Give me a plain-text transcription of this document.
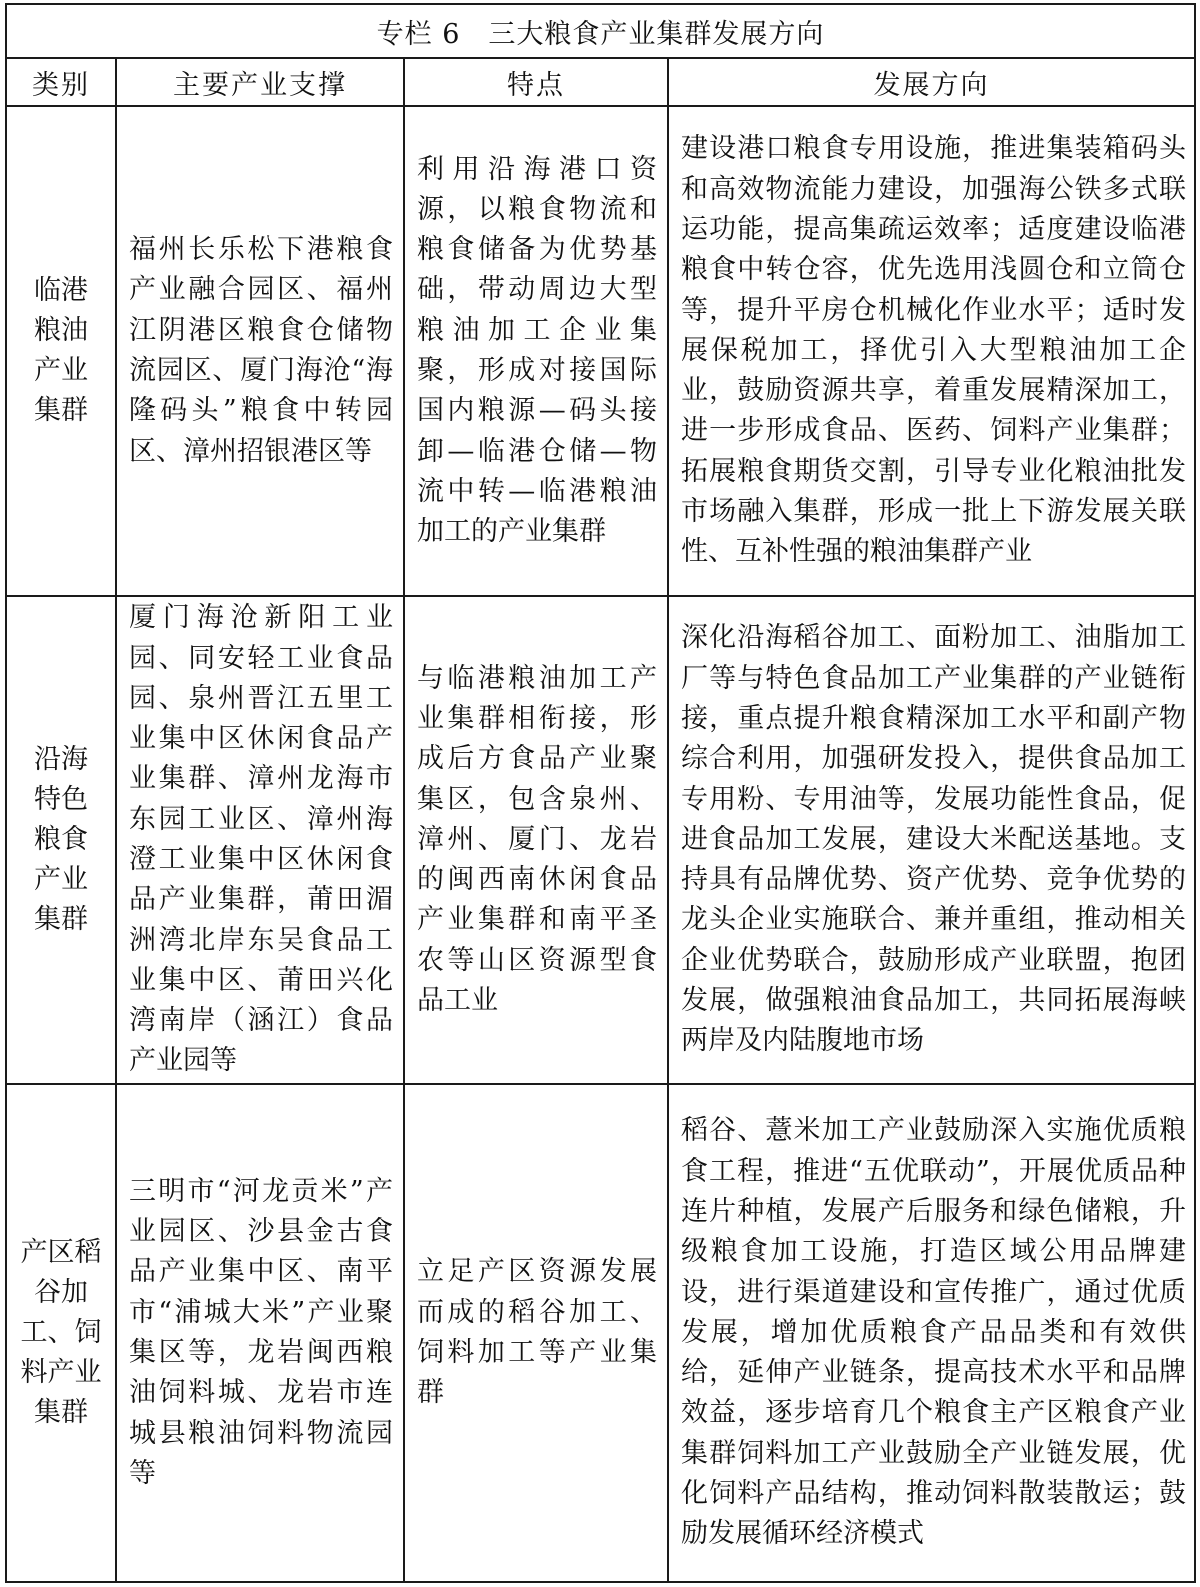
专栏 6　三大粮食产业集群发展方向			
类别	主要产业支撑	特点	发展方向

临港粮油产业集群	福州长乐松下港粮食产业融合园区、福州江阴港区粮食仓储物流园区、厦门海沧“海隆码头”粮食中转园区、漳州招银港区等	利用沿海港口资源，以粮食物流和粮食储备为优势基础，带动周边大型粮油加工企业集聚，形成对接国际国内粮源—码头接卸—临港仓储—物流中转—临港粮油加工的产业集群	建设港口粮食专用设施，推进集装箱码头和高效物流能力建设，加强海公铁多式联运功能，提高集疏运效率；适度建设临港粮食中转仓容，优先选用浅圆仓和立筒仓等，提升平房仓机械化作业水平；适时发展保税加工，择优引入大型粮油加工企业，鼓励资源共享，着重发展精深加工，进一步形成食品、医药、饲料产业集群；拓展粮食期货交割，引导专业化粮油批发市场融入集群，形成一批上下游发展关联性、互补性强的粮油集群产业

沿海特色粮食产业集群	厦门海沧新阳工业园、同安轻工业食品园、泉州晋江五里工业集中区休闲食品产业集群、漳州龙海市东园工业区、漳州海澄工业集中区休闲食品产业集群，莆田湄洲湾北岸东吴食品工业集中区、莆田兴化湾南岸（涵江）食品产业园等	与临港粮油加工产业集群相衔接，形成后方食品产业聚集区，包含泉州、漳州、厦门、龙岩的闽西南休闲食品产业集群和南平圣农等山区资源型食品工业	深化沿海稻谷加工、面粉加工、油脂加工厂等与特色食品加工产业集群的产业链衔接，重点提升粮食精深加工水平和副产物综合利用，加强研发投入，提供食品加工专用粉、专用油等，发展功能性食品，促进食品加工发展，建设大米配送基地。支持具有品牌优势、资产优势、竞争优势的龙头企业实施联合、兼并重组，推动相关企业优势联合，鼓励形成产业联盟，抱团发展，做强粮油食品加工，共同拓展海峡两岸及内陆腹地市场

产区稻谷加工、饲料产业集群	三明市“河龙贡米”产业园区、沙县金古食品产业集中区、南平市“浦城大米”产业聚集区等，龙岩闽西粮油饲料城、龙岩市连城县粮油饲料物流园等	立足产区资源发展而成的稻谷加工、饲料加工等产业集群	稻谷、薏米加工产业鼓励深入实施优质粮食工程，推进“五优联动”，开展优质品种连片种植，发展产后服务和绿色储粮，升级粮食加工设施，打造区域公用品牌建设，进行渠道建设和宣传推广，通过优质发展，增加优质粮食产品品类和有效供给，延伸产业链条，提高技术水平和品牌效益，逐步培育几个粮食主产区粮食产业集群饲料加工产业鼓励全产业链发展，优化饲料产品结构，推动饲料散装散运；鼓励发展循环经济模式
